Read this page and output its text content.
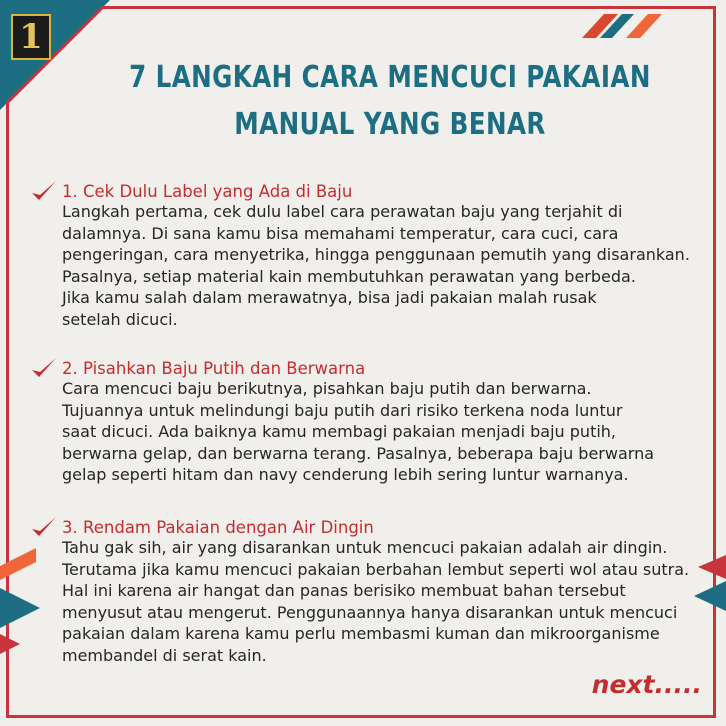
1
7 LANGKAH CARA MENCUCI PAKAIAN
MANUAL YANG BENAR
1. Cek Dulu Label yang Ada di Baju
Langkah pertama, cek dulu label cara perawatan baju yang terjahit di
dalamnya. Di sana kamu bisa memahami temperatur, cara cuci, cara
pengeringan, cara menyetrika, hingga penggunaan pemutih yang disarankan.
Pasalnya, setiap material kain membutuhkan perawatan yang berbeda.
Jika kamu salah dalam merawatnya, bisa jadi pakaian malah rusak
setelah dicuci.
2. Pisahkan Baju Putih dan Berwarna
Cara mencuci baju berikutnya, pisahkan baju putih dan berwarna.
Tujuannya untuk melindungi baju putih dari risiko terkena noda luntur
saat dicuci. Ada baiknya kamu membagi pakaian menjadi baju putih,
berwarna gelap, dan berwarna terang. Pasalnya, beberapa baju berwarna
gelap seperti hitam dan navy cenderung lebih sering luntur warnanya.
3. Rendam Pakaian dengan Air Dingin
Tahu gak sih, air yang disarankan untuk mencuci pakaian adalah air dingin.
Terutama jika kamu mencuci pakaian berbahan lembut seperti wol atau sutra.
Hal ini karena air hangat dan panas berisiko membuat bahan tersebut
menyusut atau mengerut. Penggunaannya hanya disarankan untuk mencuci
pakaian dalam karena kamu perlu membasmi kuman dan mikroorganisme
membandel di serat kain.
next.....
